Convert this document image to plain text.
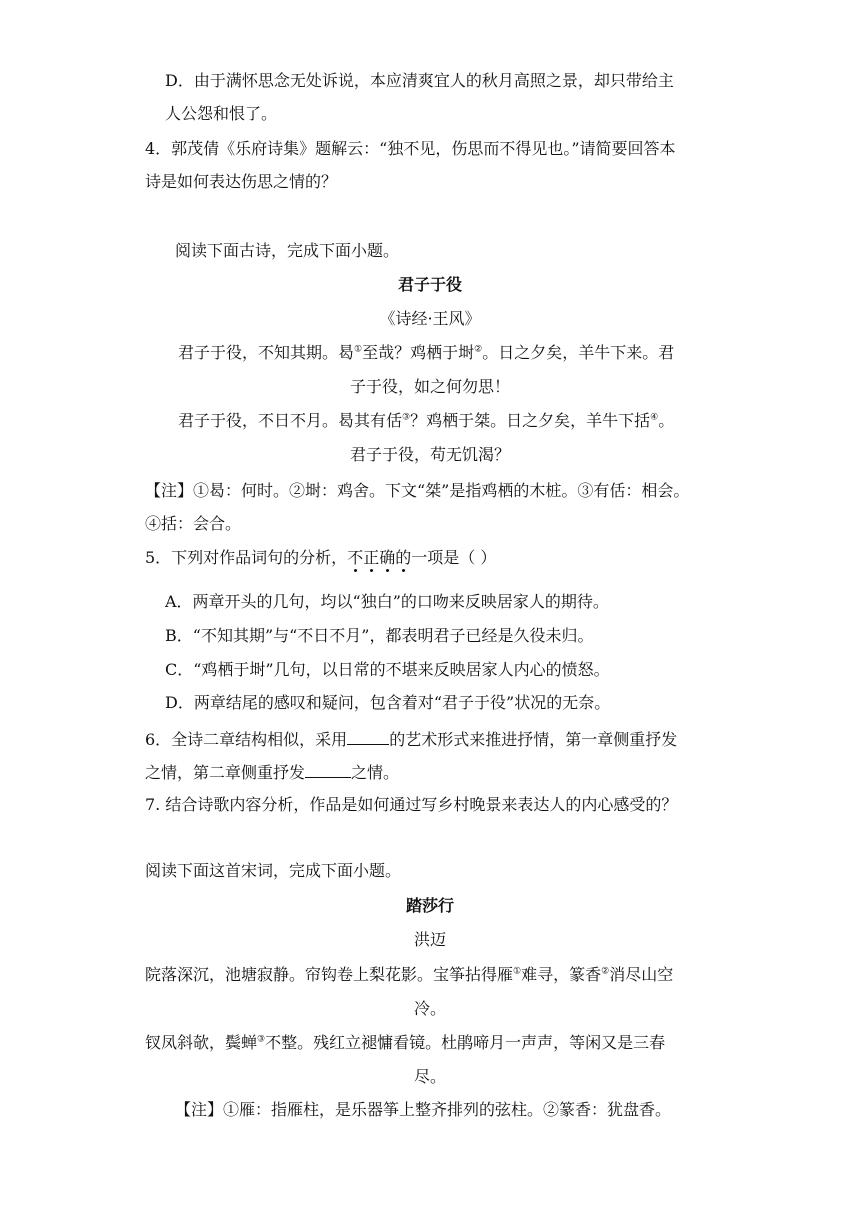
D．由于满怀思念无处诉说，本应清爽宜人的秋月高照之景，却只带给主
人公怨和恨了。
4．郭茂倩《乐府诗集》题解云：“独不见，伤思而不得见也。”请简要回答本
诗是如何表达伤思之情的？
阅读下面古诗，完成下面小题。
君子于役
《诗经·王风》
君子于役，不知其期。曷①至哉？鸡栖于埘②。日之夕矣，羊牛下来。君
子于役，如之何勿思！
君子于役，不日不月。曷其有佸③？鸡栖于桀。日之夕矣，羊牛下括④。
君子于役，苟无饥渴？
【注】①曷：何时。②埘：鸡舍。下文“桀”是指鸡栖的木桩。③有佸：相会。
④括：会合。
5．下列对作品词句的分析，不正确的一项是（ ）
A．两章开头的几句，均以“独白”的口吻来反映居家人的期待。
B．“不知其期”与“不日不月”，都表明君子已经是久役未归。
C．“鸡栖于埘”几句，以日常的不堪来反映居家人内心的愤怒。
D．两章结尾的感叹和疑问，包含着对“君子于役”状况的无奈。
6．全诗二章结构相似，采用	的艺术形式来推进抒情，第一章侧重抒发
之情，第二章侧重抒发	之情。
7. 结合诗歌内容分析，作品是如何通过写乡村晚景来表达人的内心感受的？
阅读下面这首宋词，完成下面小题。
踏莎行
洪迈
院落深沉，池塘寂静。帘钩卷上梨花影。宝筝拈得雁①难寻，篆香②消尽山空
冷。
钗凤斜欹，鬓蝉③不整。残红立褪慵看镜。杜鹃啼月一声声，等闲又是三春
尽。
【注】①雁：指雁柱，是乐器筝上整齐排列的弦柱。②篆香：犹盘香。
